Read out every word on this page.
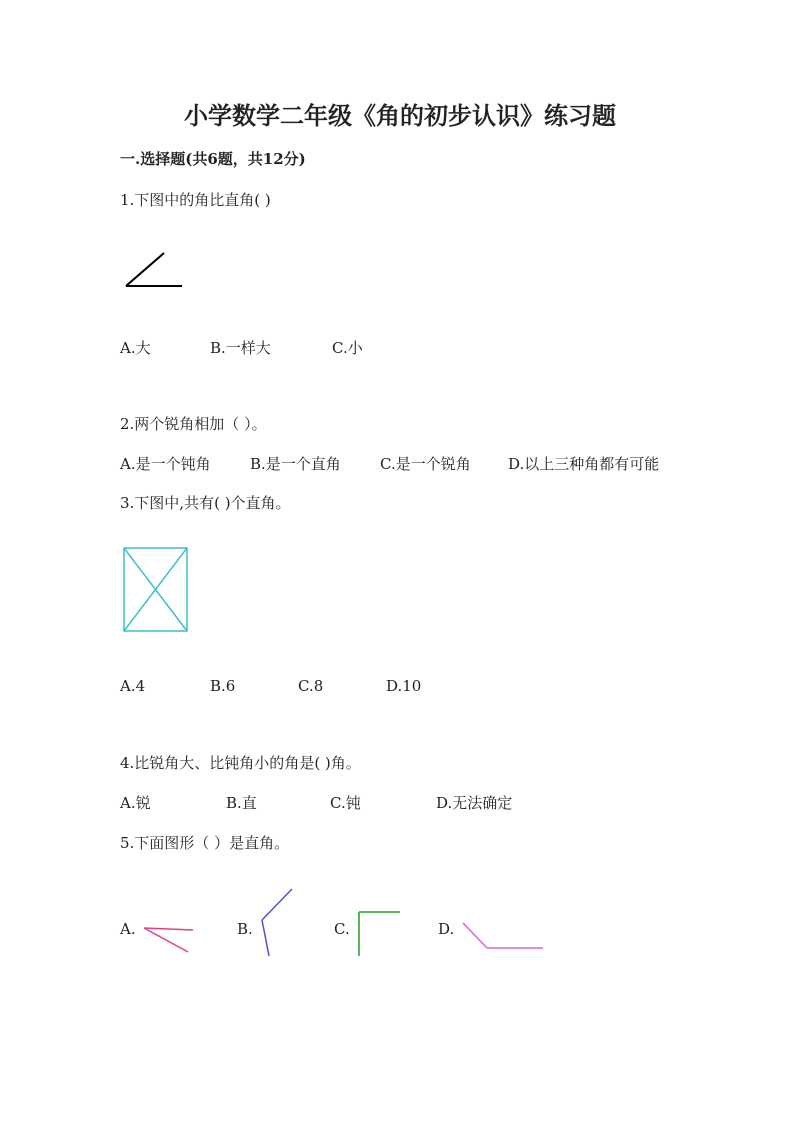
小学数学二年级《角的初步认识》练习题
一.选择题(共6题，共12分)
1.下图中的角比直角( )
A.大	B.一样大	C.小
2.两个锐角相加（ ）。
A.是一个钝角	B.是一个直角	C.是一个锐角 D.以上三种角都有可能
3.下图中,共有( )个直角。
A.4	B.6	C.8	D.10
4.比锐角大、比钝角小的角是( )角。
A.锐	B.直	C.钝	D.无法确定
5.下面图形（ ）是直角。
A.	B.	C.	D.
